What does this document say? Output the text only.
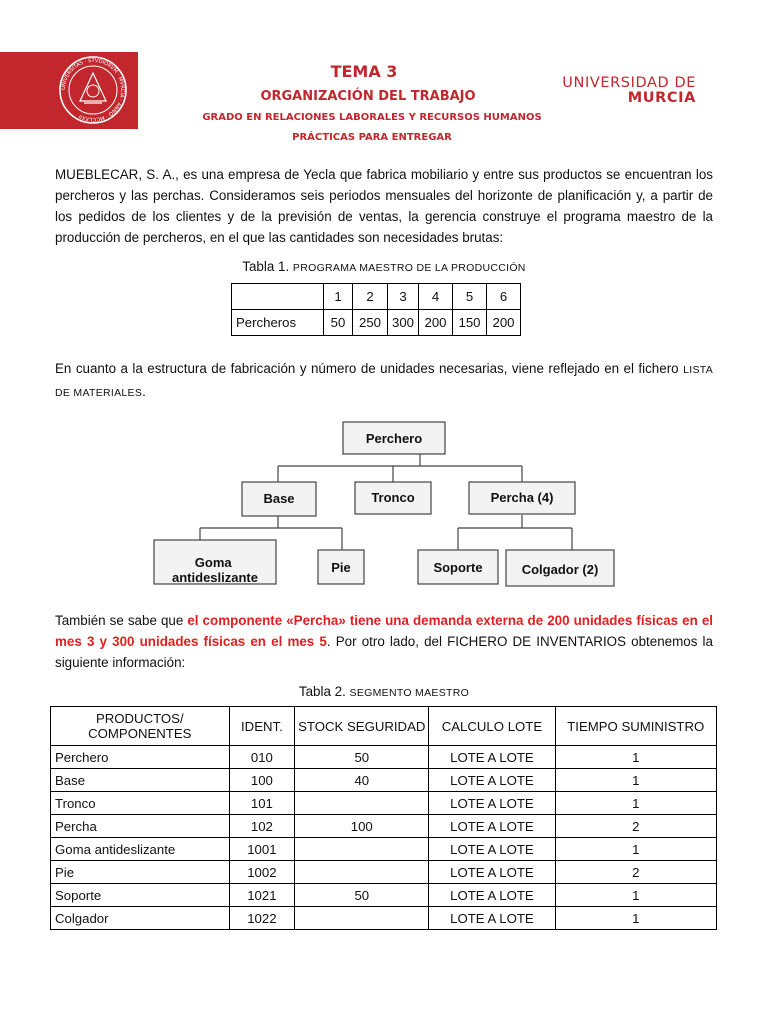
UNIVERSITAS · STVDIORVM · MVRCIA · ANNO · MCCLXXII
TEMA 3
ORGANIZACIÓN DEL TRABAJO
GRADO EN RELACIONES LABORALES Y RECURSOS HUMANOS
PRÁCTICAS PARA ENTREGAR
UNIVERSIDAD DE
MURCIA
MUEBLECAR, S. A., es una empresa de Yecla que fabrica mobiliario y entre sus productos se encuentran los percheros y las perchas. Consideramos seis periodos mensuales del horizonte de planificación y, a partir de los pedidos de los clientes y de la previsión de ventas, la gerencia construye el programa maestro de la producción de percheros, en el que las cantidades son necesidades brutas:
Tabla 1. PROGRAMA MAESTRO DE LA PRODUCCIÓN
	1	2	3	4	5	6
Percheros	50	250	300	200	150	200
En cuanto a la estructura de fabricación y número de unidades necesarias, viene reflejado en el fichero LISTA DE MATERIALES.
Percherо
Base	Tronco	Percha (4)
Goma antideslizante
Pie	Soporte	Colgador (2)
También se sabe que el componente «Percha» tiene una demanda externa de 200 unidades físicas en el mes 3 y 300 unidades físicas en el mes 5. Por otro lado, del FICHERO DE INVENTARIOS obtenemos la siguiente información:
Tabla 2. SEGMENTO MAESTRO
PRODUCTOS/ COMPONENTES	IDENT.	STOCK SEGURIDAD	CALCULO LOTE	TIEMPO SUMINISTRO
Perchero	010	50	LOTE A LOTE	1
Base	100	40	LOTE A LOTE	1
Tronco	101		LOTE A LOTE	1
Percha	102	100	LOTE A LOTE	2
Goma antideslizante	1001		LOTE A LOTE	1
Pie	1002		LOTE A LOTE	2
Soporte	1021	50	LOTE A LOTE	1
Colgador	1022		LOTE A LOTE	1
